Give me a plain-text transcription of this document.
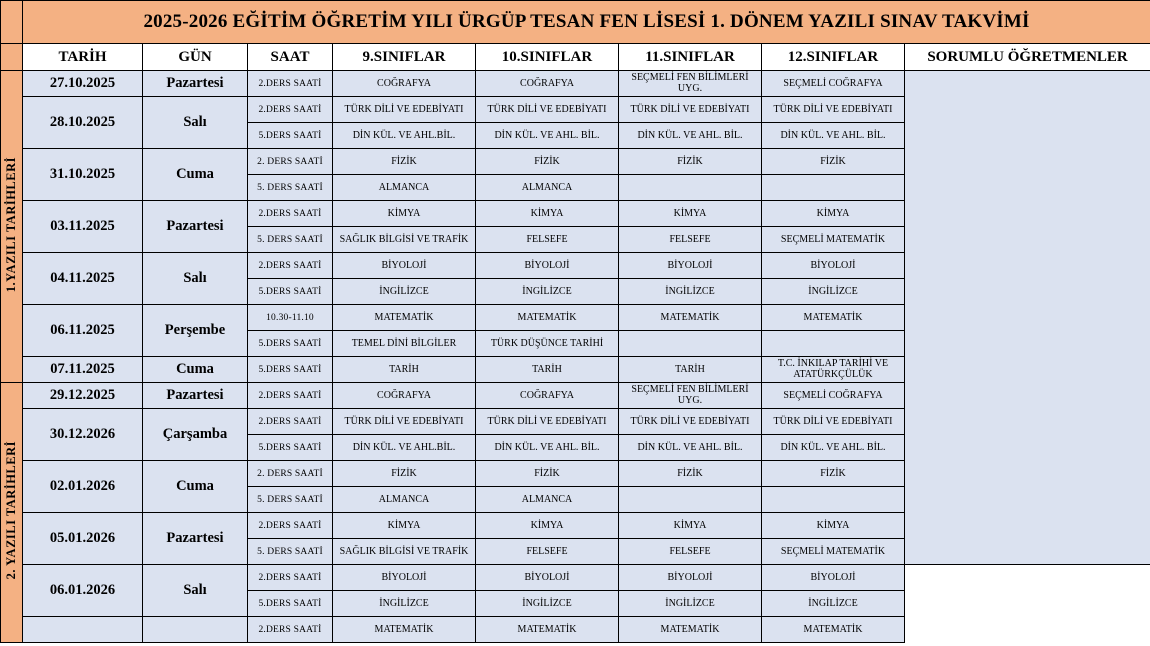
	2025-2026 EĞİTİM ÖĞRETİM YILI ÜRGÜP TESAN FEN LİSESİ 1. DÖNEM YAZILI SINAV TAKVİMİ								
	TARİH	GÜN	SAAT	9.SINIFLAR	10.SINIFLAR	11.SINIFLAR	12.SINIFLAR	SORUMLU ÖĞRETMENLER	
1.YAZILI TARİHLERİ	27.10.2025	Pazartesi	2.DERS SAATİ	COĞRAFYA	COĞRAFYA	SEÇMELİ FEN BİLİMLERİ UYG.	SEÇMELİ COĞRAFYA		

	28.10.2025	Salı	2.DERS SAATİ	TÜRK DİLİ VE EDEBİYATI	TÜRK DİLİ VE EDEBİYATI	TÜRK DİLİ VE EDEBİYATI	TÜRK DİLİ VE EDEBİYATI		
			5.DERS SAATİ	DİN KÜL. VE AHL.BİL.	DİN KÜL. VE AHL. BİL.	DİN KÜL. VE AHL. BİL.	DİN KÜL. VE AHL. BİL.		
	31.10.2025	Cuma	2. DERS SAATİ	FİZİK	FİZİK	FİZİK	FİZİK		
			5. DERS SAATİ	ALMANCA	ALMANCA				
	03.11.2025	Pazartesi	2.DERS SAATİ	KİMYA	KİMYA	KİMYA	KİMYA		
			5. DERS SAATİ	SAĞLIK BİLGİSİ VE TRAFİK	FELSEFE	FELSEFE	SEÇMELİ MATEMATİK		
	04.11.2025	Salı	2.DERS SAATİ	BİYOLOJİ	BİYOLOJİ	BİYOLOJİ	BİYOLOJİ		
			5.DERS SAATİ	İNGİLİZCE	İNGİLİZCE	İNGİLİZCE	İNGİLİZCE		
	06.11.2025	Perşembe	10.30-11.10	MATEMATİK	MATEMATİK	MATEMATİK	MATEMATİK		
			5.DERS SAATİ	TEMEL DİNİ BİLGİLER	TÜRK DÜŞÜNCE TARİHİ				
	07.11.2025	Cuma	5.DERS SAATİ	TARİH	TARİH	TARİH	T.C. İNKILAP TARİHİ VE ATATÜRKÇÜLÜK		
2. YAZILI TARİHLERİ	29.12.2025	Pazartesi	2.DERS SAATİ	COĞRAFYA	COĞRAFYA	SEÇMELİ FEN BİLİMLERİ UYG.	SEÇMELİ COĞRAFYA		
	30.12.2026	Çarşamba	2.DERS SAATİ	TÜRK DİLİ VE EDEBİYATI	TÜRK DİLİ VE EDEBİYATI	TÜRK DİLİ VE EDEBİYATI	TÜRK DİLİ VE EDEBİYATI	

			5.DERS SAATİ	DİN KÜL. VE AHL.BİL.	DİN KÜL. VE AHL. BİL.	DİN KÜL. VE AHL. BİL.	DİN KÜL. VE AHL. BİL.		
	02.01.2026	Cuma	2. DERS SAATİ	FİZİK	FİZİK	FİZİK	FİZİK		
			5. DERS SAATİ	ALMANCA	ALMANCA				
	05.01.2026	Pazartesi	2.DERS SAATİ	KİMYA	KİMYA	KİMYA	KİMYA		
			5. DERS SAATİ	SAĞLIK BİLGİSİ VE TRAFİK	FELSEFE	FELSEFE	SEÇMELİ MATEMATİK		
	06.01.2026	Salı	2.DERS SAATİ	BİYOLOJİ	BİYOLOJİ	BİYOLOJİ	BİYOLOJİ		
			5.DERS SAATİ	İNGİLİZCE	İNGİLİZCE	İNGİLİZCE	İNGİLİZCE		
			2.DERS SAATİ	MATEMATİK	MATEMATİK	MATEMATİK	MATEMATİK		
